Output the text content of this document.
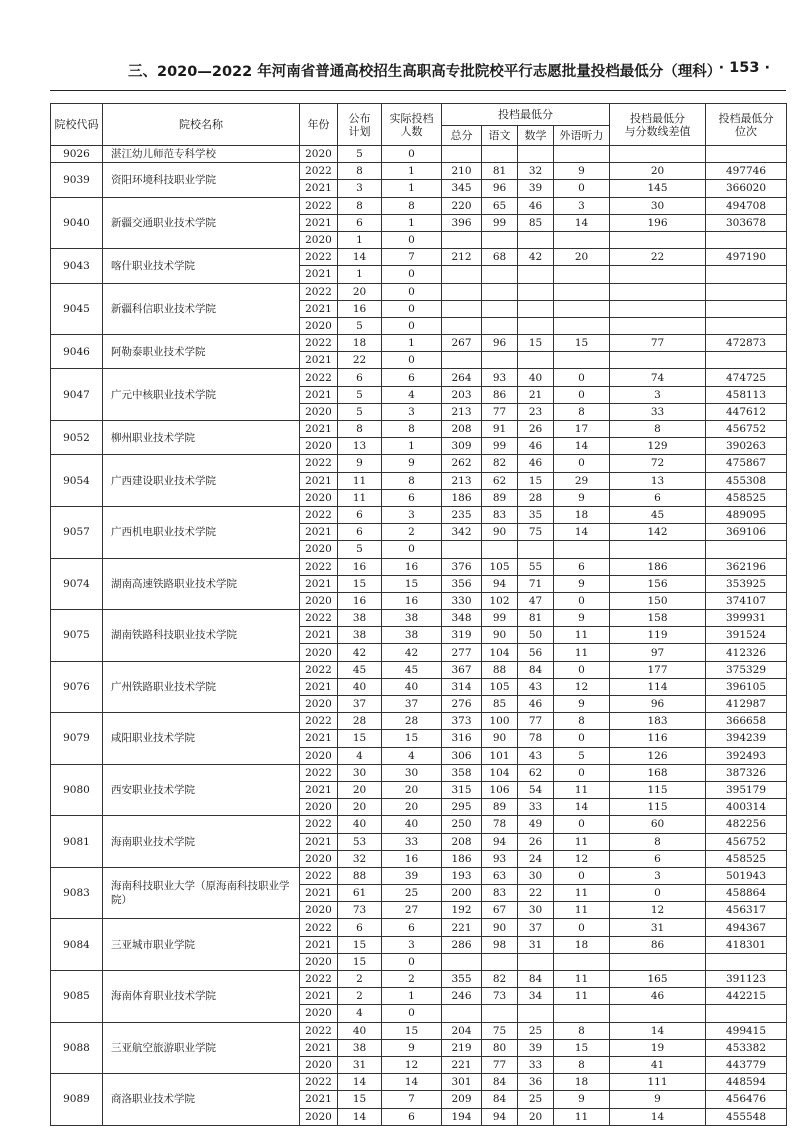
三、2020—2022 年河南省普通高校招生高职高专批院校平行志愿批量投档最低分（理科）
· 153 ·
院校代码	院校名称	年份	公布
计划	实际投档
人数	投档最低分				投档最低分
与分数线差值	投档最低分
位次

					总分	语文	数学	外语听力		
9026	湛江幼儿师范专科学校	2020	5	0						
9039	资阳环境科技职业学院	2022	8	1	210	81	32	9	20	497746
		2021	3	1	345	96	39	0	145	366020
9040	新疆交通职业技术学院	2022	8	8	220	65	46	3	30	494708
		2021	6	1	396	99	85	14	196	303678
		2020	1	0						
9043	喀什职业技术学院	2022	14	7	212	68	42	20	22	497190
		2021	1	0						
9045	新疆科信职业技术学院	2022	20	0						
		2021	16	0						
		2020	5	0						
9046	阿勒泰职业技术学院	2022	18	1	267	96	15	15	77	472873
		2021	22	0						
9047	广元中核职业技术学院	2022	6	6	264	93	40	0	74	474725
		2021	5	4	203	86	21	0	3	458113
		2020	5	3	213	77	23	8	33	447612
9052	柳州职业技术学院	2021	8	8	208	91	26	17	8	456752
		2020	13	1	309	99	46	14	129	390263
9054	广西建设职业技术学院	2022	9	9	262	82	46	0	72	475867
		2021	11	8	213	62	15	29	13	455308
		2020	11	6	186	89	28	9	6	458525
9057	广西机电职业技术学院	2022	6	3	235	83	35	18	45	489095
		2021	6	2	342	90	75	14	142	369106
		2020	5	0						
9074	湖南高速铁路职业技术学院	2022	16	16	376	105	55	6	186	362196
		2021	15	15	356	94	71	9	156	353925
		2020	16	16	330	102	47	0	150	374107
9075	湖南铁路科技职业技术学院	2022	38	38	348	99	81	9	158	399931
		2021	38	38	319	90	50	11	119	391524
		2020	42	42	277	104	56	11	97	412326
9076	广州铁路职业技术学院	2022	45	45	367	88	84	0	177	375329
		2021	40	40	314	105	43	12	114	396105
		2020	37	37	276	85	46	9	96	412987
9079	咸阳职业技术学院	2022	28	28	373	100	77	8	183	366658
		2021	15	15	316	90	78	0	116	394239
		2020	4	4	306	101	43	5	126	392493
9080	西安职业技术学院	2022	30	30	358	104	62	0	168	387326
		2021	20	20	315	106	54	11	115	395179
		2020	20	20	295	89	33	14	115	400314
9081	海南职业技术学院	2022	40	40	250	78	49	0	60	482256
		2021	53	33	208	94	26	11	8	456752
		2020	32	16	186	93	24	12	6	458525
9083	海南科技职业大学（原海南科技职业学院）	2022	88	39	193	63	30	0	3	501943
		2021	61	25	200	83	22	11	0	458864
		2020	73	27	192	67	30	11	12	456317
9084	三亚城市职业学院	2022	6	6	221	90	37	0	31	494367
		2021	15	3	286	98	31	18	86	418301
		2020	15	0						
9085	海南体育职业技术学院	2022	2	2	355	82	84	11	165	391123
		2021	2	1	246	73	34	11	46	442215
		2020	4	0						
9088	三亚航空旅游职业学院	2022	40	15	204	75	25	8	14	499415
		2021	38	9	219	80	39	15	19	453382
		2020	31	12	221	77	33	8	41	443779
9089	商洛职业技术学院	2022	14	14	301	84	36	18	111	448594
		2021	15	7	209	84	25	9	9	456476
		2020	14	6	194	94	20	11	14	455548
